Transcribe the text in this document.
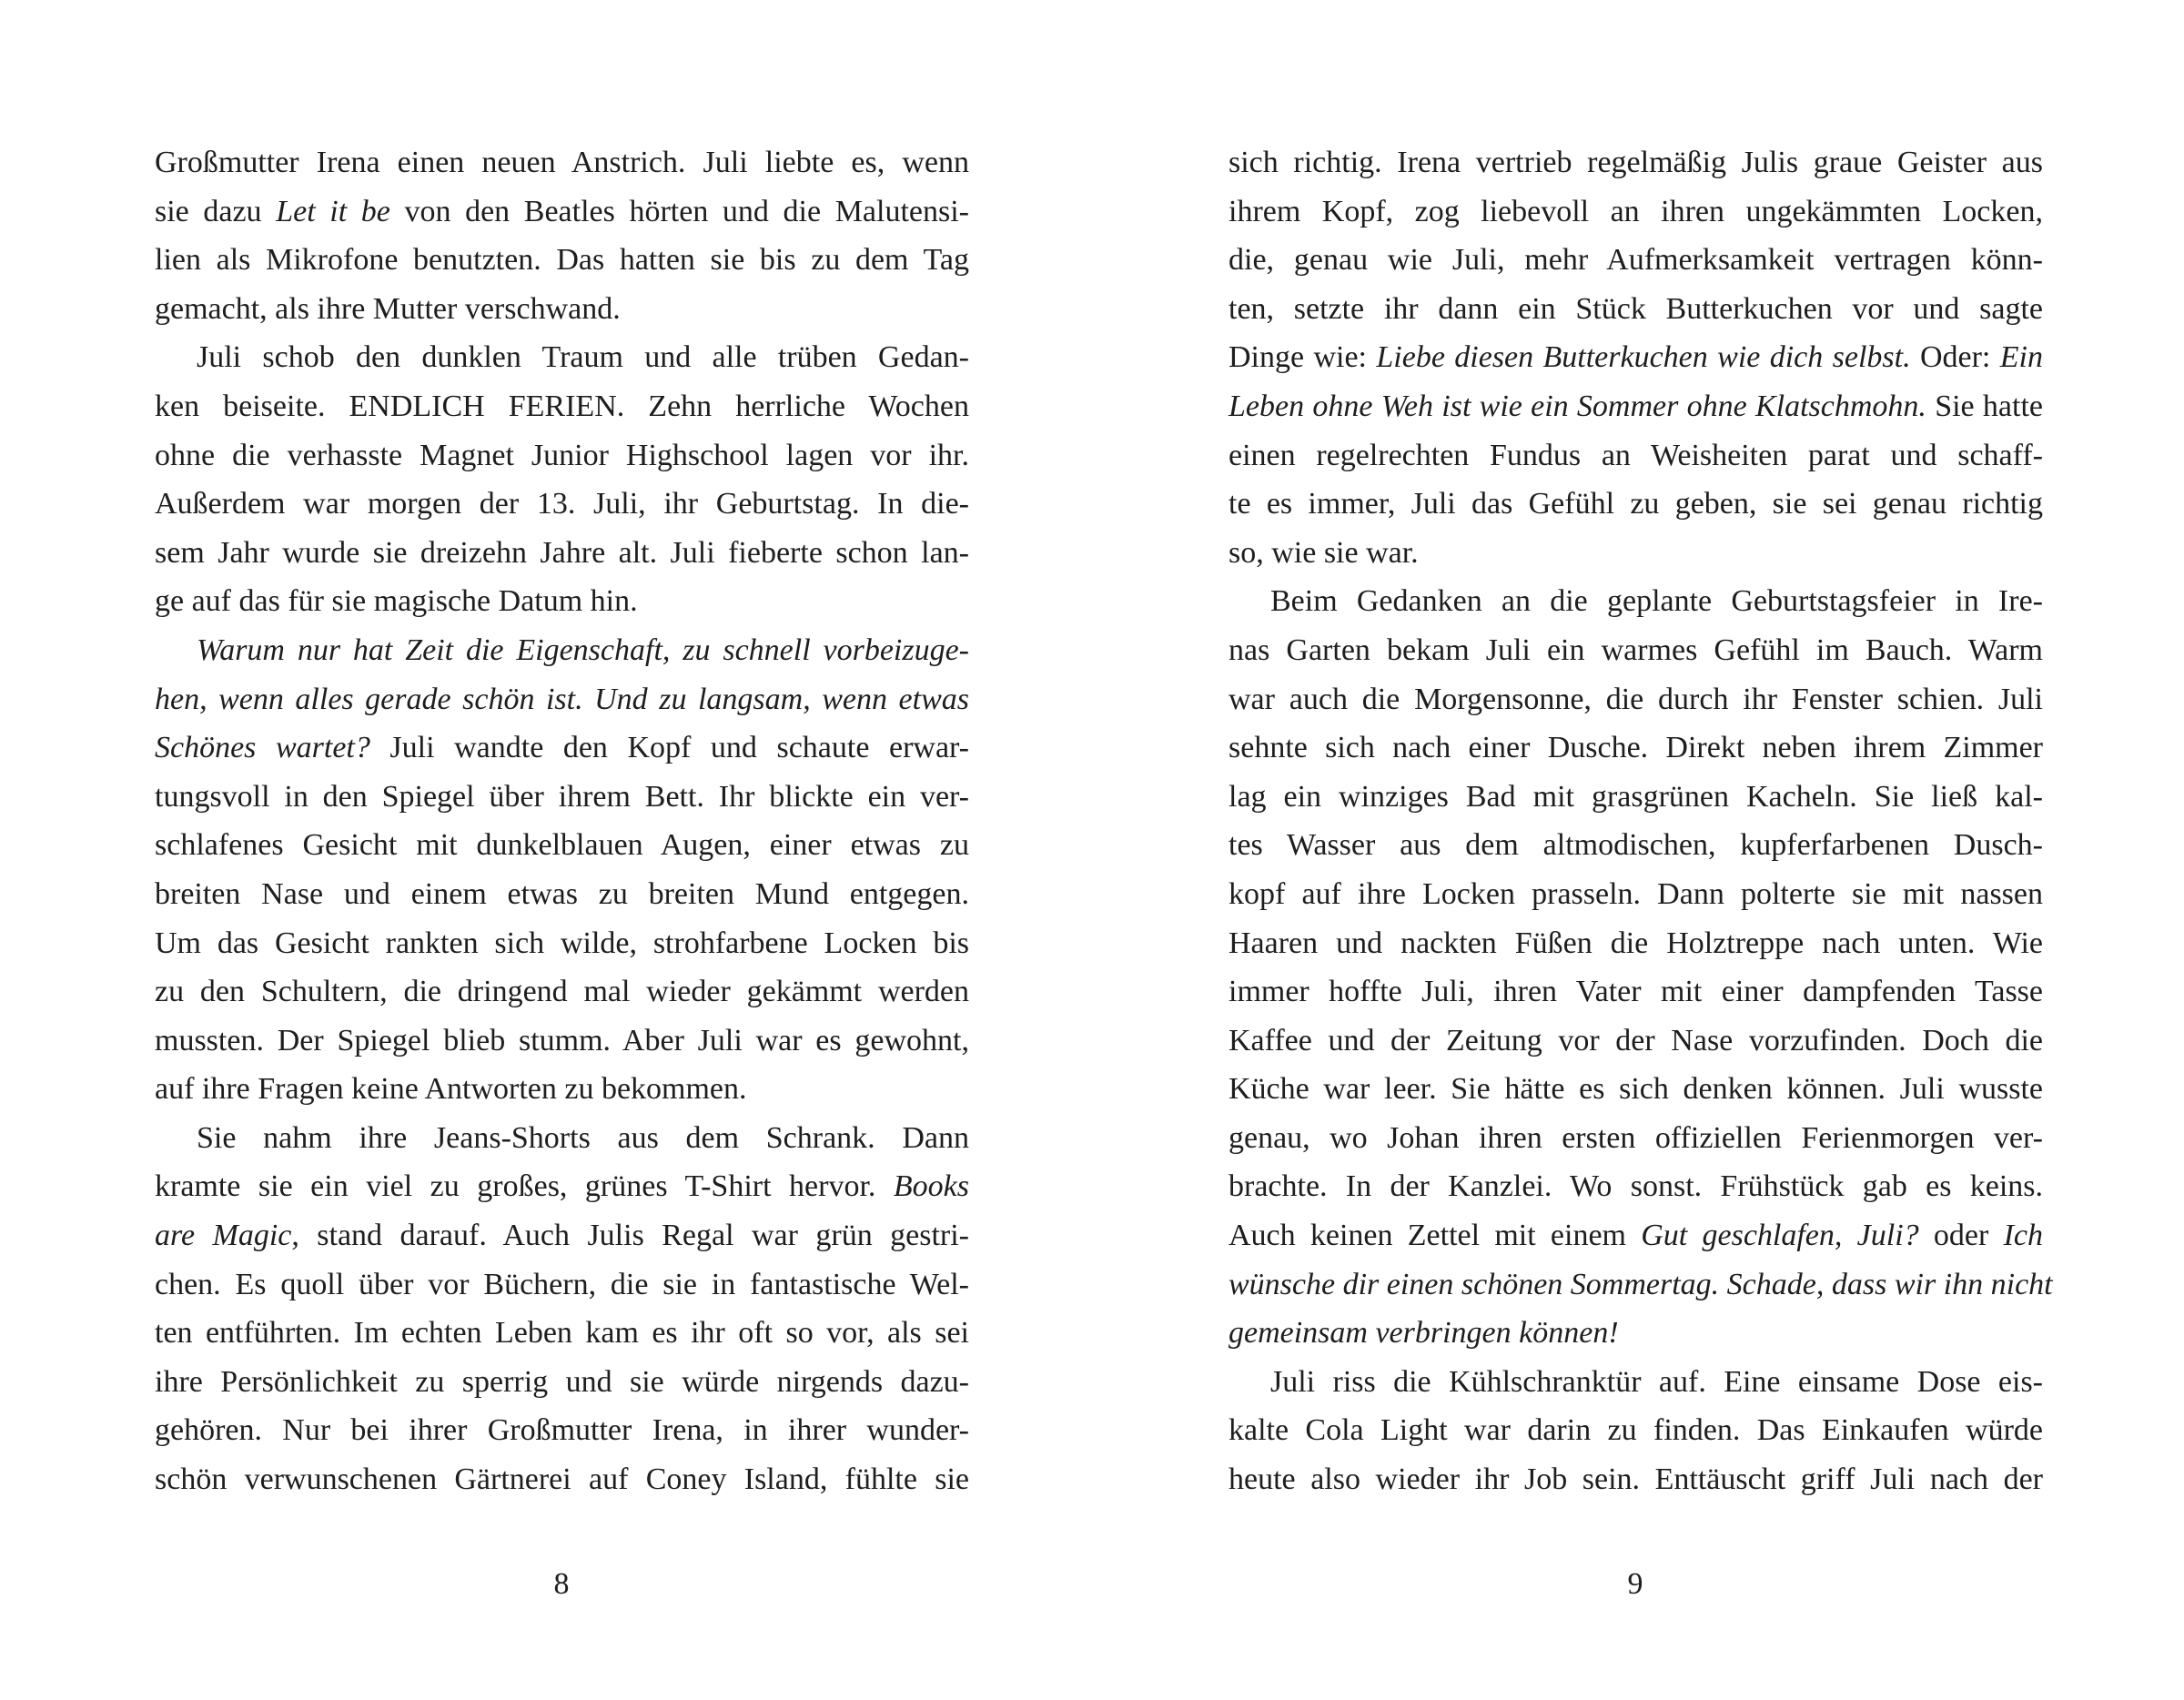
Großmutter Irena einen neuen Anstrich. Juli liebte es, wenn
sie dazu Let it be von den Beatles hörten und die Malutensi-
lien als Mikrofone benutzten. Das hatten sie bis zu dem Tag
gemacht, als ihre Mutter verschwand.
Juli schob den dunklen Traum und alle trüben Gedan-
ken beiseite. ENDLICH FERIEN. Zehn herrliche Wochen
ohne die verhasste Magnet Junior Highschool lagen vor ihr.
Außerdem war morgen der 13. Juli, ihr Geburtstag. In die-
sem Jahr wurde sie dreizehn Jahre alt. Juli fieberte schon lan-
ge auf das für sie magische Datum hin.
Warum nur hat Zeit die Eigenschaft, zu schnell vorbeizuge-
hen, wenn alles gerade schön ist. Und zu langsam, wenn etwas
Schönes wartet? Juli wandte den Kopf und schaute erwar-
tungsvoll in den Spiegel über ihrem Bett. Ihr blickte ein ver-
schlafenes Gesicht mit dunkelblauen Augen, einer etwas zu
breiten Nase und einem etwas zu breiten Mund entgegen.
Um das Gesicht rankten sich wilde, strohfarbene Locken bis
zu den Schultern, die dringend mal wieder gekämmt werden
mussten. Der Spiegel blieb stumm. Aber Juli war es gewohnt,
auf ihre Fragen keine Antworten zu bekommen.
Sie nahm ihre Jeans-Shorts aus dem Schrank. Dann
kramte sie ein viel zu großes, grünes T-Shirt hervor. Books
are Magic, stand darauf. Auch Julis Regal war grün gestri-
chen. Es quoll über vor Büchern, die sie in fantastische Wel-
ten entführten. Im echten Leben kam es ihr oft so vor, als sei
ihre Persönlichkeit zu sperrig und sie würde nirgends dazu-
gehören. Nur bei ihrer Großmutter Irena, in ihrer wunder-
schön verwunschenen Gärtnerei auf Coney Island, fühlte sie
sich richtig. Irena vertrieb regelmäßig Julis graue Geister aus
ihrem Kopf, zog liebevoll an ihren ungekämmten Locken,
die, genau wie Juli, mehr Aufmerksamkeit vertragen könn-
ten, setzte ihr dann ein Stück Butterkuchen vor und sagte
Dinge wie: Liebe diesen Butterkuchen wie dich selbst. Oder: Ein
Leben ohne Weh ist wie ein Sommer ohne Klatschmohn. Sie hatte
einen regelrechten Fundus an Weisheiten parat und schaff-
te es immer, Juli das Gefühl zu geben, sie sei genau richtig
so, wie sie war.
Beim Gedanken an die geplante Geburtstagsfeier in Ire-
nas Garten bekam Juli ein warmes Gefühl im Bauch. Warm
war auch die Morgensonne, die durch ihr Fenster schien. Juli
sehnte sich nach einer Dusche. Direkt neben ihrem Zimmer
lag ein winziges Bad mit grasgrünen Kacheln. Sie ließ kal-
tes Wasser aus dem altmodischen, kupferfarbenen Dusch-
kopf auf ihre Locken prasseln. Dann polterte sie mit nassen
Haaren und nackten Füßen die Holztreppe nach unten. Wie
immer hoffte Juli, ihren Vater mit einer dampfenden Tasse
Kaffee und der Zeitung vor der Nase vorzufinden. Doch die
Küche war leer. Sie hätte es sich denken können. Juli wusste
genau, wo Johan ihren ersten offiziellen Ferienmorgen ver-
brachte. In der Kanzlei. Wo sonst. Frühstück gab es keins.
Auch keinen Zettel mit einem Gut geschlafen, Juli? oder Ich
wünsche dir einen schönen Sommertag. Schade, dass wir ihn nicht
gemeinsam verbringen können!
Juli riss die Kühlschranktür auf. Eine einsame Dose eis-
kalte Cola Light war darin zu finden. Das Einkaufen würde
heute also wieder ihr Job sein. Enttäuscht griff Juli nach der
8	9
